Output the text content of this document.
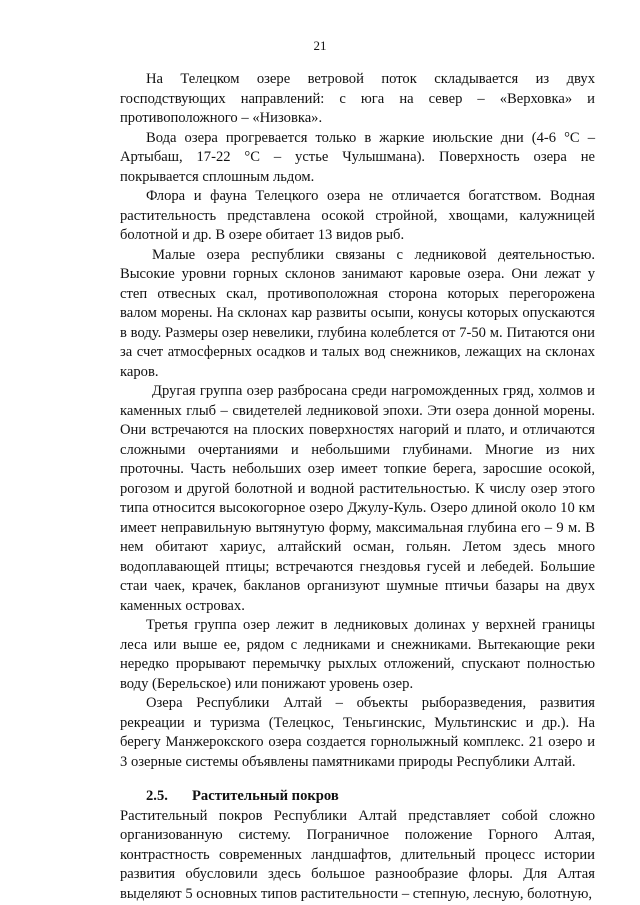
21

На Телецком озере ветровой поток складывается из двух господствующих направлений: с юга на север – «Верховка» и противоположного – «Низовка».

Вода озера прогревается только в жаркие июльские дни (4-6 °С – Артыбаш, 17-22 °С – устье Чулышмана). Поверхность озера не покрывается сплошным льдом.

Флора и фауна Телецкого озера не отличается богатством. Водная растительность представлена осокой стройной, хвощами, калужницей болотной и др. В озере обитает 13 видов рыб.

Малые озера республики связаны с ледниковой деятельностью. Высокие уровни горных склонов занимают каровые озера. Они лежат у степ отвесных скал, противоположная сторона которых перегорожена валом морены. На склонах кар развиты осыпи, конусы которых опускаются в воду. Размеры озер невелики, глубина колеблется от 7-50 м. Питаются они за счет атмосферных осадков и талых вод снежников, лежащих на склонах каров.

Другая группа озер разбросана среди нагроможденных гряд, холмов и каменных глыб – свидетелей ледниковой эпохи. Эти озера донной морены. Они встречаются на плоских поверхностях нагорий и плато, и отличаются сложными очертаниями и небольшими глубинами. Многие из них проточны. Часть небольших озер имеет топкие берега, заросшие осокой, рогозом и другой болотной и водной растительностью. К числу озер этого типа относится высокогорное озеро Джулу-Куль. Озеро длиной около 10 км имеет неправильную вытянутую форму, максимальная глубина его – 9 м. В нем обитают хариус, алтайский осман, гольян. Летом здесь много водоплавающей птицы; встречаются гнездовья гусей и лебедей. Большие стаи чаек, крачек, бакланов организуют шумные птичьи базары на двух каменных островах.

Третья группа озер лежит в ледниковых долинах у верхней границы леса или выше ее, рядом с ледниками и снежниками. Вытекающие реки нередко прорывают перемычку рыхлых отложений, спускают полностью воду (Берельское) или понижают уровень озер.

Озера Республики Алтай – объекты рыборазведения, развития рекреации и туризма (Телецкос, Теньгинскис, Мультинскис и др.). На берегу Манжерокского озера создается горнолыжный комплекс. 21 озеро и 3 озерные системы объявлены памятниками природы Республики Алтай.

2.5. Растительный покров

Растительный покров Республики Алтай представляет собой сложно организованную систему. Пограничное положение Горного Алтая, контрастность современных ландшафтов, длительный процесс истории развития обусловили здесь большое разнообразие флоры. Для Алтая выделяют 5 основных типов растительности – степную, лесную, болотную,
